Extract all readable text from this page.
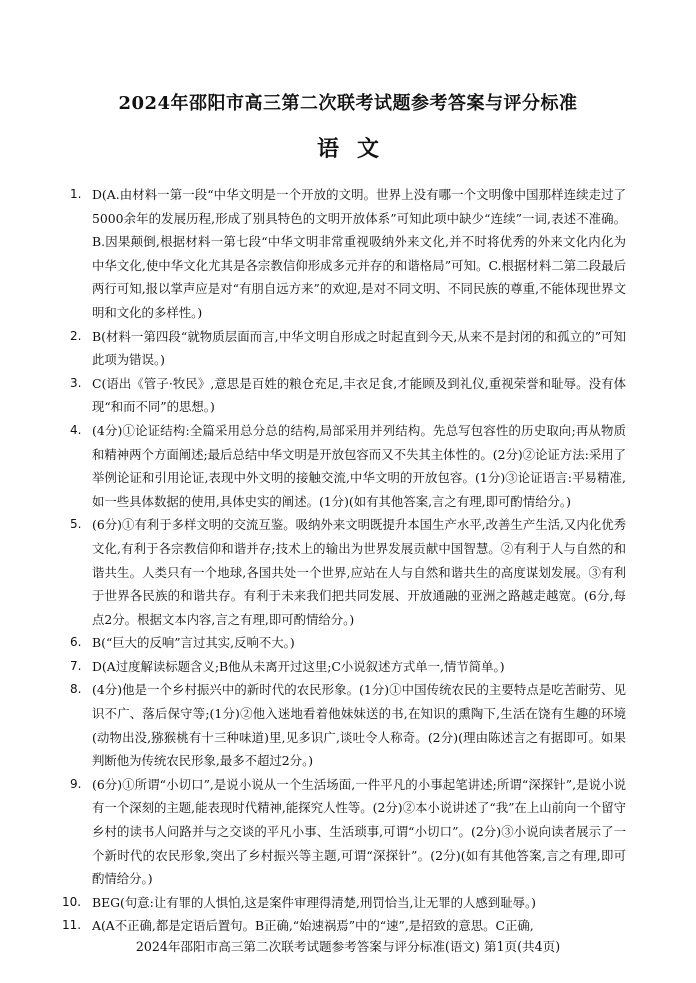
2024年邵阳市高三第二次联考试题参考答案与评分标准
语文
1. D(A.由材料一第一段“中华文明是一个开放的文明。世界上没有哪一个文明像中国那样连续走过了5000余年的发展历程,形成了别具特色的文明开放体系”可知此项中缺少“连续”一词,表述不准确。B.因果颠倒,根据材料一第七段“中华文明非常重视吸纳外来文化,并不时将优秀的外来文化内化为中华文化,使中华文化尤其是各宗教信仰形成多元并存的和谐格局”可知。C.根据材料二第二段最后两行可知,报以掌声应是对“有朋自远方来”的欢迎,是对不同文明、不同民族的尊重,不能体现世界文明和文化的多样性。)
2. B(材料一第四段“就物质层面而言,中华文明自形成之时起直到今天,从来不是封闭的和孤立的”可知此项为错误。)
3. C(语出《管子·牧民》,意思是百姓的粮仓充足,丰衣足食,才能顾及到礼仪,重视荣誉和耻辱。没有体现“和而不同”的思想。)
4. (4分)①论证结构:全篇采用总分总的结构,局部采用并列结构。先总写包容性的历史取向;再从物质和精神两个方面阐述;最后总结中华文明是开放包容而又不失其主体性的。(2分)②论证方法:采用了举例论证和引用论证,表现中外文明的接触交流,中华文明的开放包容。(1分)③论证语言:平易精准,如一些具体数据的使用,具体史实的阐述。(1分)(如有其他答案,言之有理,即可酌情给分。)
5. (6分)①有利于多样文明的交流互鉴。吸纳外来文明既提升本国生产水平,改善生产生活,又内化优秀文化,有利于各宗教信仰和谐并存;技术上的输出为世界发展贡献中国智慧。②有利于人与自然的和谐共生。人类只有一个地球,各国共处一个世界,应站在人与自然和谐共生的高度谋划发展。③有利于世界各民族的和谐共存。有利于未来我们把共同发展、开放通融的亚洲之路越走越宽。(6分,每点2分。根据文本内容,言之有理,即可酌情给分。)
6. B(“巨大的反响”言过其实,反响不大。)
7. D(A过度解读标题含义;B他从未离开过这里;C小说叙述方式单一,情节简单。)
8. (4分)他是一个乡村振兴中的新时代的农民形象。(1分)①中国传统农民的主要特点是吃苦耐劳、见识不广、落后保守等;(1分)②他入迷地看着他妹妹送的书,在知识的熏陶下,生活在饶有生趣的环境(动物出没,猕猴桃有十三种味道)里,见多识广,谈吐令人称奇。(2分)(理由陈述言之有据即可。如果判断他为传统农民形象,最多不超过2分。)
9. (6分)①所谓“小切口”,是说小说从一个生活场面,一件平凡的小事起笔讲述;所谓“深探针”,是说小说有一个深刻的主题,能表现时代精神,能探究人性等。(2分)②本小说讲述了“我”在上山前向一个留守乡村的读书人问路并与之交谈的平凡小事、生活琐事,可谓“小切口”。(2分)③小说向读者展示了一个新时代的农民形象,突出了乡村振兴等主题,可谓“深探针”。(2分)(如有其他答案,言之有理,即可酌情给分。)
10. BEG(句意:让有罪的人惧怕,这是案件审理得清楚,刑罚恰当,让无罪的人感到耻辱。)
11. A(A不正确,都是定语后置句。B正确,“始速祸焉”中的“速”,是招致的意思。C正确,
2024年邵阳市高三第二次联考试题参考答案与评分标准(语文) 第1页(共4页)
